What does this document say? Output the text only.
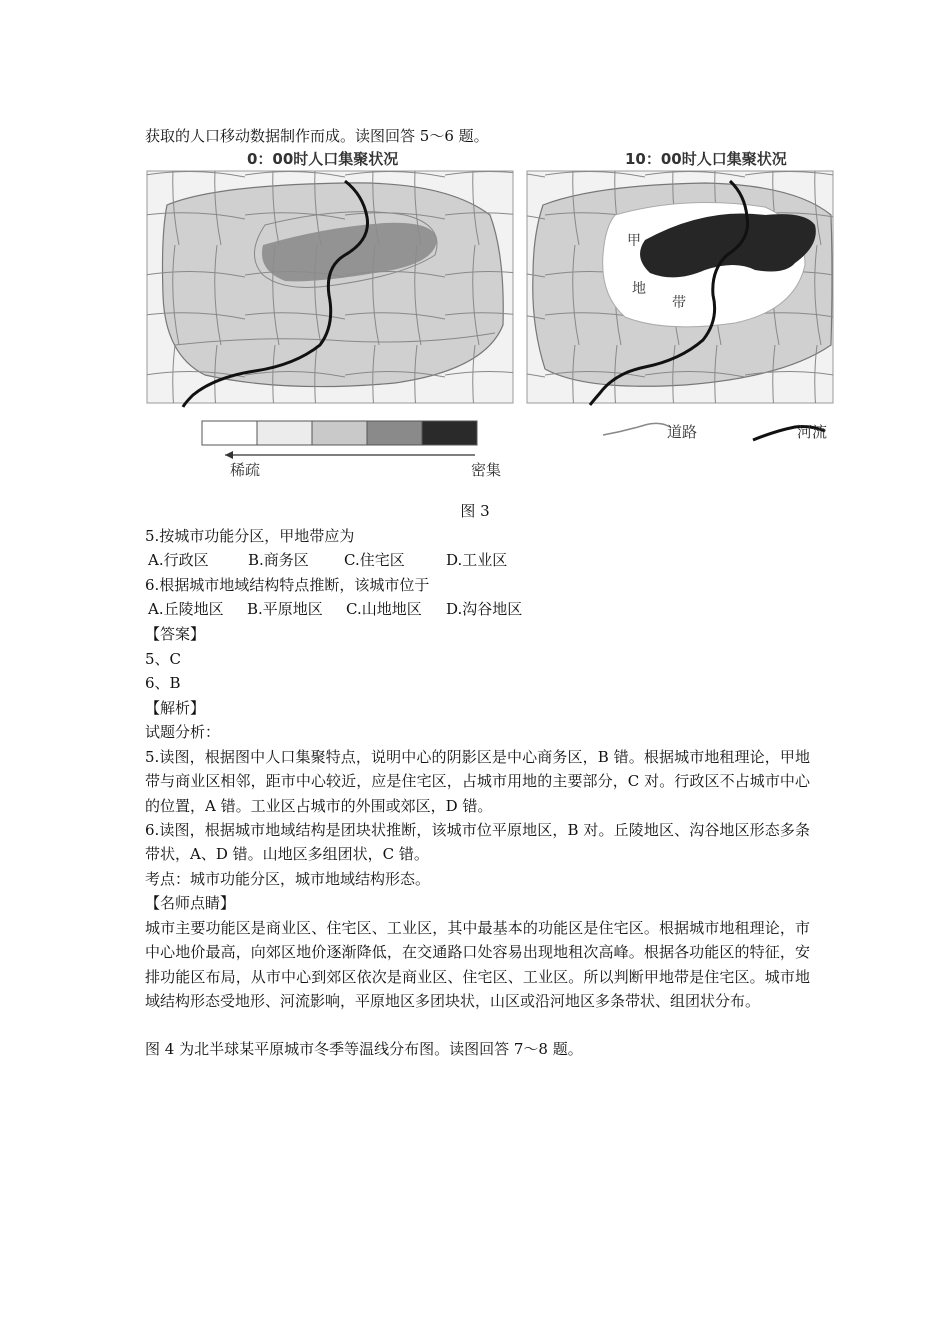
获取的人口移动数据制作而成。读图回答 5～6 题。
0：00时人口集聚状况	10：00时人口集聚状况
甲
地
带
稀疏	密集
道路	河流
图 3
5.按城市功能分区，甲地带应为
A.行政区	B.商务区 C.住宅区	D.工业区
6.根据城市地域结构特点推断，该城市位于
A.丘陵地区 B.平原地区 C.山地地区 D.沟谷地区
【答案】
5、C
6、B
【解析】
试题分析：
5.读图，根据图中人口集聚特点，说明中心的阴影区是中心商务区，B 错。根据城市地租理论，甲地带与商业区相邻，距市中心较近，应是住宅区，占城市用地的主要部分，C 对。行政区不占城市中心的位置，A 错。工业区占城市的外围或郊区，D 错。
6.读图，根据城市地域结构是团块状推断，该城市位平原地区，B 对。丘陵地区、沟谷地区形态多条带状，A、D 错。山地区多组团状，C 错。
考点：城市功能分区，城市地域结构形态。
【名师点睛】
城市主要功能区是商业区、住宅区、工业区，其中最基本的功能区是住宅区。根据城市地租理论，市中心地价最高，向郊区地价逐渐降低，在交通路口处容易出现地租次高峰。根据各功能区的特征，安排功能区布局，从市中心到郊区依次是商业区、住宅区、工业区。所以判断甲地带是住宅区。城市地域结构形态受地形、河流影响，平原地区多团块状，山区或沿河地区多条带状、组团状分布。
图 4 为北半球某平原城市冬季等温线分布图。读图回答 7～8 题。
